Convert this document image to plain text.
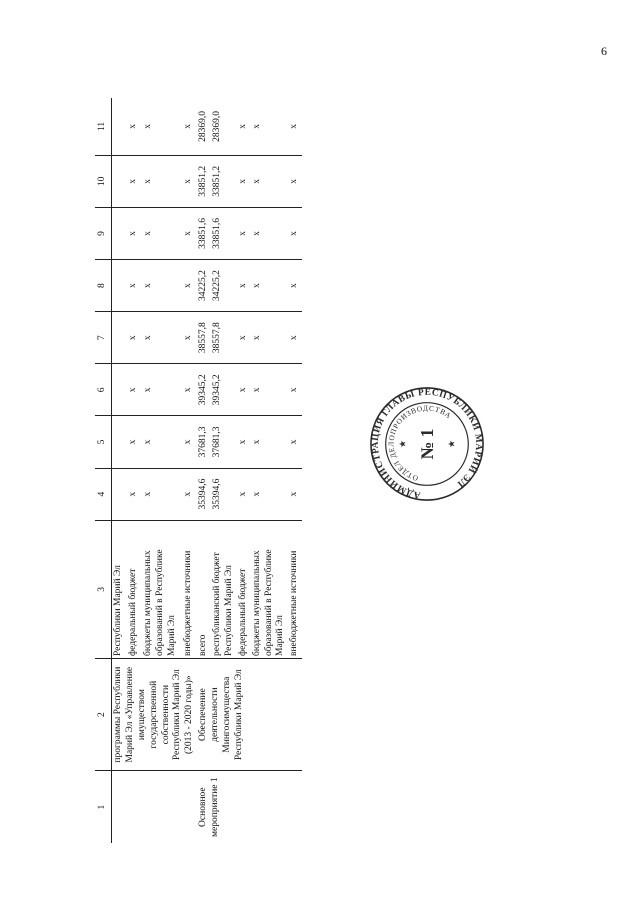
6
1	2	3	4	5	6	7	8	9	10	11
	программы Республики Марий Эл «Управление имуществом государственной собственности Республики Марий Эл (2013 - 2020 годы)»	Республики Марий Эл								
		федеральный бюджет	х	х	х	х	х	х	х	х
		бюджеты муниципальных образований в Республике Марий Эл	х	х	х	х	х	х	х	х
		внебюджетные источники	х	х	х	х	х	х	х	х
Основное мероприятие 1	Обеспечение деятельности Мингосимущества Республики Марий Эл	всего	35394,6	37681,3	39345,2	38557,8	34225,2	33851,6	33851,2	28369,0
		республиканский бюджет Республики Марий Эл	35394,6	37681,3	39345,2	38557,8	34225,2	33851,6	33851,2	28369,0
		федеральный бюджет	х	х	х	х	х	х	х	х
		бюджеты муниципальных образований в Республике Марий Эл	х	х	х	х	х	х	х	х
		внебюджетные источники	х	х	х	х	х	х	х	х
АДМИНИСТРАЦИЯ ГЛАВЫ РЕСПУБЛИКИ МАРИЙ ЭЛ
ОТДЕЛ ДЕЛОПРОИЗВОДСТВА
№ 1 ★
★
